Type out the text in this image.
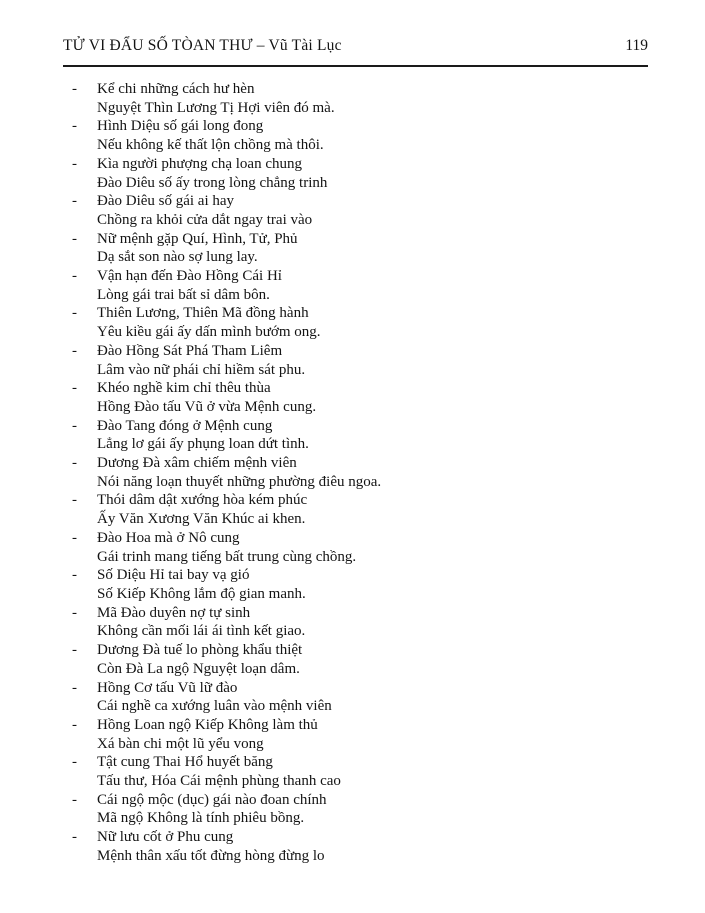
TỬ VI ĐẨU SỐ TÒAN THƯ – Vũ Tài Lục	119
- Kể chi những cách hư hèn
Nguyệt Thìn Lương Tị Hợi viên đó mà.
- Hình Diệu số gái long đong
Nếu không kế thất lộn chồng mà thôi.
- Kìa người phượng chạ loan chung
Đào Diêu số ấy trong lòng chẳng trinh
- Đào Diêu số gái ai hay
Chồng ra khỏi cửa dắt ngay trai vào
- Nữ mệnh gặp Quí, Hình, Tử, Phủ
Dạ sắt son nào sợ lung lay.
- Vận hạn đến Đào Hồng Cái Hỉ
Lòng gái trai bất sỉ dâm bôn.
- Thiên Lương, Thiên Mã đồng hành
Yêu kiều gái ấy dấn mình bướm ong.
- Đào Hồng Sát Phá Tham Liêm
Lâm vào nữ phái chỉ hiềm sát phu.
- Khéo nghề kim chỉ thêu thùa
Hồng Đào tấu Vũ ở vừa Mệnh cung.
- Đào Tang đóng ở Mệnh cung
Lẳng lơ gái ấy phụng loan dứt tình.
- Dương Đà xâm chiếm mệnh viên
Nói năng loạn thuyết những phường điêu ngoa.
- Thói dâm dật xướng hòa kém phúc
Ấy Văn Xương Văn Khúc ai khen.
- Đào Hoa mà ở Nô cung
Gái trinh mang tiếng bất trung cùng chồng.
- Số Diệu Hỉ tai bay vạ gió
Số Kiếp Không lắm độ gian manh.
- Mã Đào duyên nợ tự sinh
Không cần mối lái ái tình kết giao.
- Dương Đà tuế lo phòng khẩu thiệt
Còn Đà La ngộ Nguyệt loạn dâm.
- Hồng Cơ tấu Vũ lữ đào
Cái nghề ca xướng luân vào mệnh viên
- Hồng Loan ngộ Kiếp Không làm thủ
Xá bàn chi một lũ yểu vong
- Tật cung Thai Hổ huyết băng
Tấu thư, Hóa Cái mệnh phùng thanh cao
- Cái ngộ mộc (dục) gái nào đoan chính
Mã ngộ Không là tính phiêu bồng.
- Nữ lưu cốt ở Phu cung
Mệnh thân xấu tốt đừng hòng đừng lo
